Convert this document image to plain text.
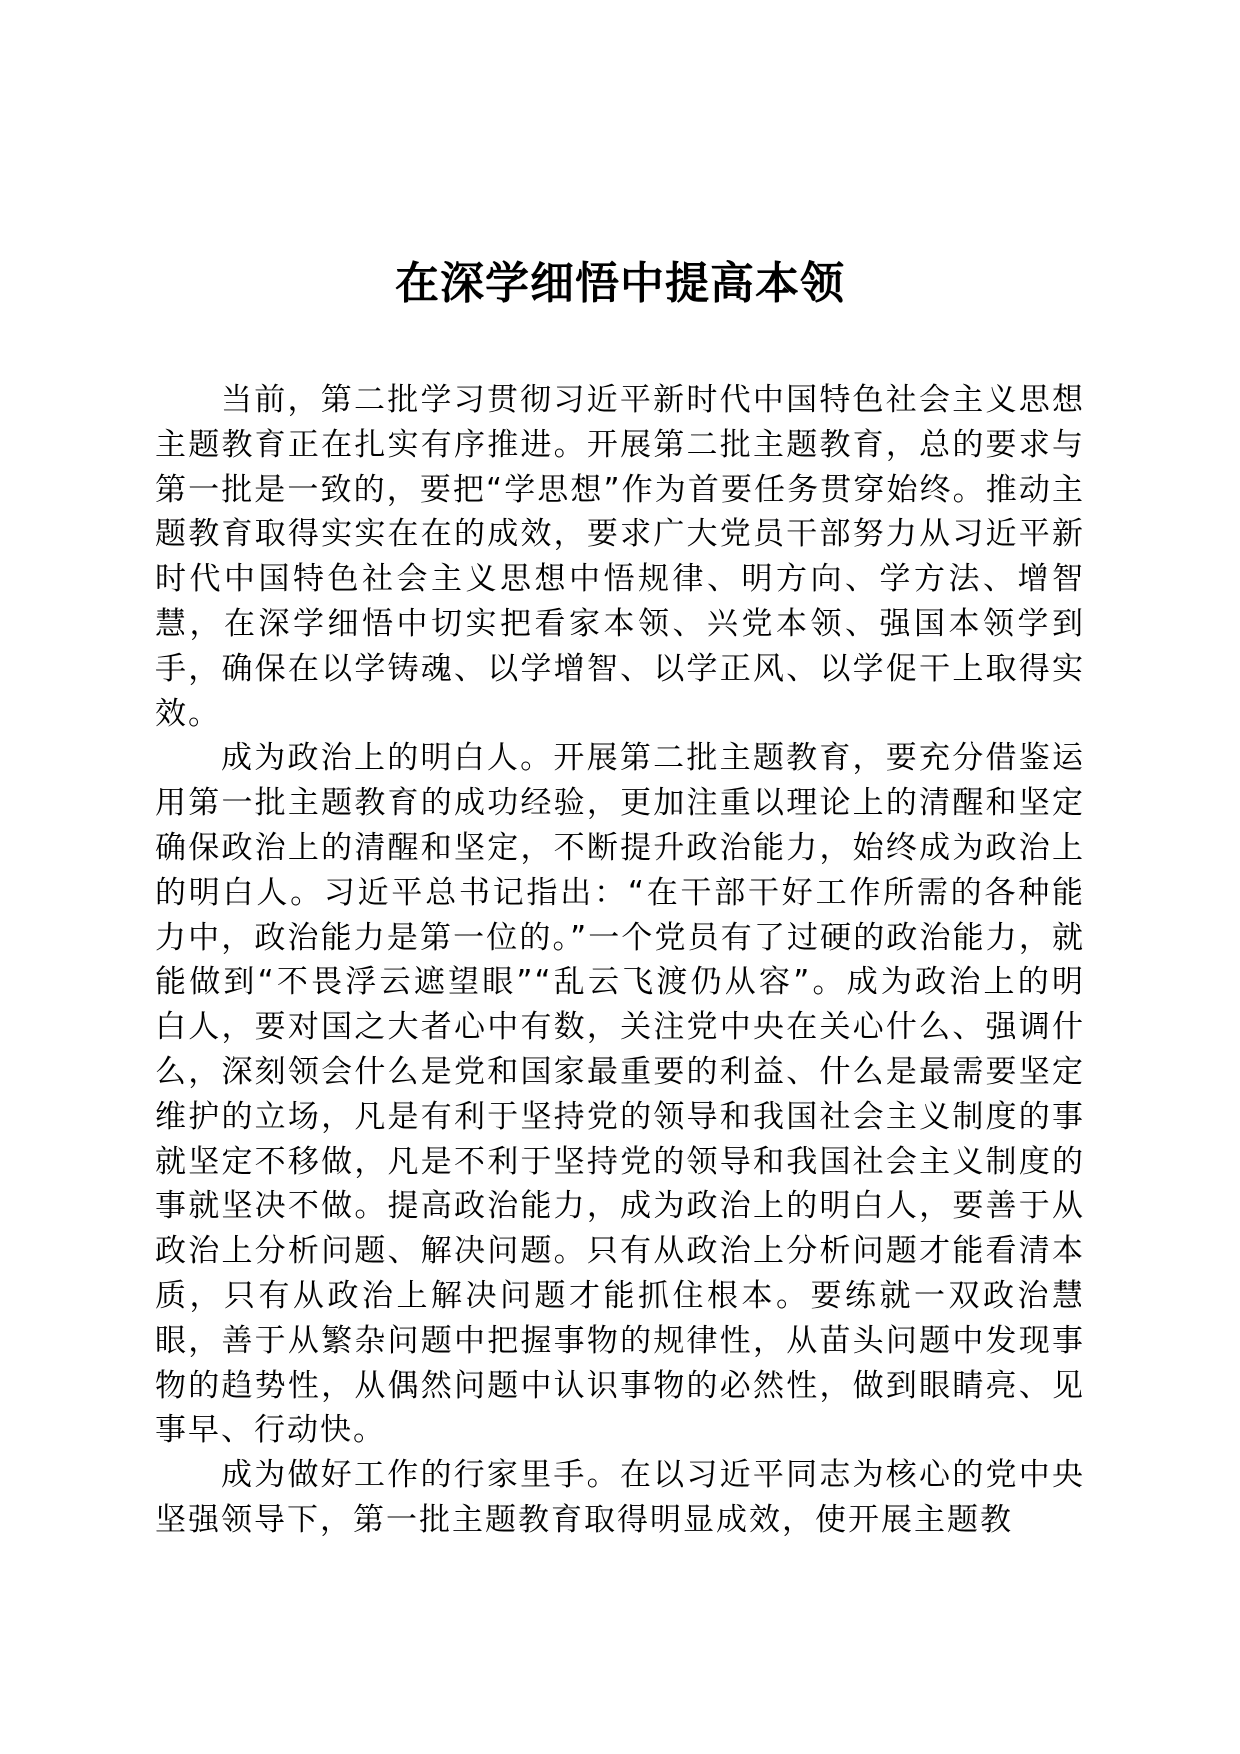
在深学细悟中提高本领

当前，第二批学习贯彻习近平新时代中国特色社会主义思想主题教育正在扎实有序推进。开展第二批主题教育，总的要求与第一批是一致的，要把“学思想”作为首要任务贯穿始终。推动主题教育取得实实在在的成效，要求广大党员干部努力从习近平新时代中国特色社会主义思想中悟规律、明方向、学方法、增智慧，在深学细悟中切实把看家本领、兴党本领、强国本领学到手，确保在以学铸魂、以学增智、以学正风、以学促干上取得实效。

成为政治上的明白人。开展第二批主题教育，要充分借鉴运用第一批主题教育的成功经验，更加注重以理论上的清醒和坚定确保政治上的清醒和坚定，不断提升政治能力，始终成为政治上的明白人。习近平总书记指出：“在干部干好工作所需的各种能力中，政治能力是第一位的。”一个党员有了过硬的政治能力，就能做到“不畏浮云遮望眼”“乱云飞渡仍从容”。成为政治上的明白人，要对国之大者心中有数，关注党中央在关心什么、强调什么，深刻领会什么是党和国家最重要的利益、什么是最需要坚定维护的立场，凡是有利于坚持党的领导和我国社会主义制度的事就坚定不移做，凡是不利于坚持党的领导和我国社会主义制度的事就坚决不做。提高政治能力，成为政治上的明白人，要善于从政治上分析问题、解决问题。只有从政治上分析问题才能看清本质，只有从政治上解决问题才能抓住根本。要练就一双政治慧眼，善于从繁杂问题中把握事物的规律性，从苗头问题中发现事物的趋势性，从偶然问题中认识事物的必然性，做到眼睛亮、见事早、行动快。

成为做好工作的行家里手。在以习近平同志为核心的党中央坚强领导下，第一批主题教育取得明显成效，使开展主题教
